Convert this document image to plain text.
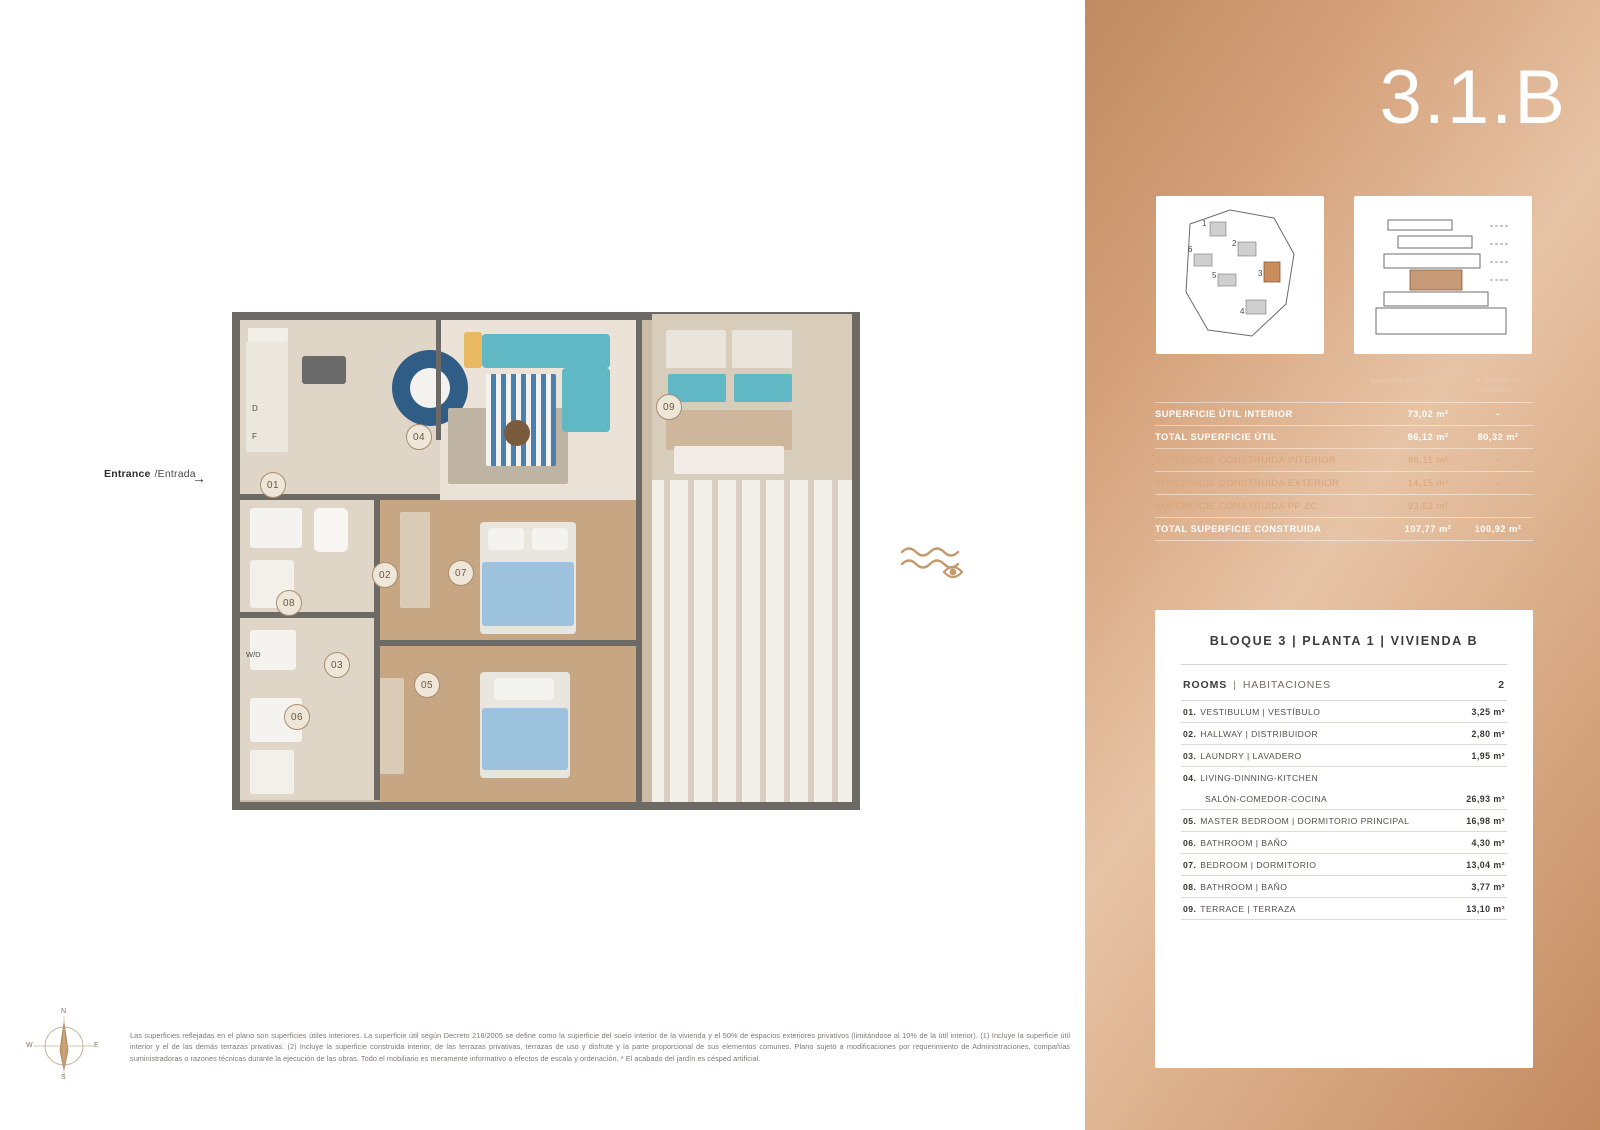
01
02
03
04
05
06
07
08
09
D
F
W/D
Entrance /Entrada
→
N
S
E
W
Las superficies reflejadas en el plano son superficies útiles interiores. La superficie útil según Decreto 218/2005 se define como la superficie del suelo interior de la vivienda y el 50% de espacios exteriores privativos (limitándose al 10% de la útil interior). (1) Incluye la superficie útil interior y el de las demás terrazas privativas. (2) Incluye la superficie construida interior, de las terrazas privativas, terrazas de uso y disfrute y la parte proporcional de sus elementos comunes. Plano sujeto a modificaciones por requerimiento de Administraciones, compañías suministradoras o razones técnicas durante la ejecución de las obras. Todo el mobiliario es meramente informativo a efectos de escala y ordenación. * El acabado del jardín es césped artificial.
3.1.B
1
2
3
4
5
6
VALORES REALES	R. DECRETO 2/2/2005
SUPERFICIE ÚTIL INTERIOR	73,02 m²	-
TOTAL SUPERFICIE ÚTIL	86,12 m²	80,32 m²
SUPERFICIE CONSTRUIDA INTERIOR	86,11 m²	-
SUPERFICIE CONSTRUIDA EXTERIOR	14,15 m²	-
SUPERFICIE CONSTRUIDA PP ZC	93,62 m²	-
TOTAL SUPERFICIE CONSTRUIDA	107,77 m²	100,92 m²
BLOQUE 3 | PLANTA 1 | VIVIENDA B
ROOMS | HABITACIONES	2
01. VESTIBULUM | VESTÍBULO	3,25 m²
02. HALLWAY | DISTRIBUIDOR	2,80 m²
03. LAUNDRY | LAVADERO	1,95 m²
04. LIVING-DINNING-KITCHEN
SALÓN-COMEDOR-COCINA	26,93 m²
05. MASTER BEDROOM | DORMITORIO PRINCIPAL	16,98 m²
06. BATHROOM | BAÑO	4,30 m²
07. BEDROOM | DORMITORIO	13,04 m²
08. BATHROOM | BAÑO	3,77 m²
09. TERRACE | TERRAZA	13,10 m²
